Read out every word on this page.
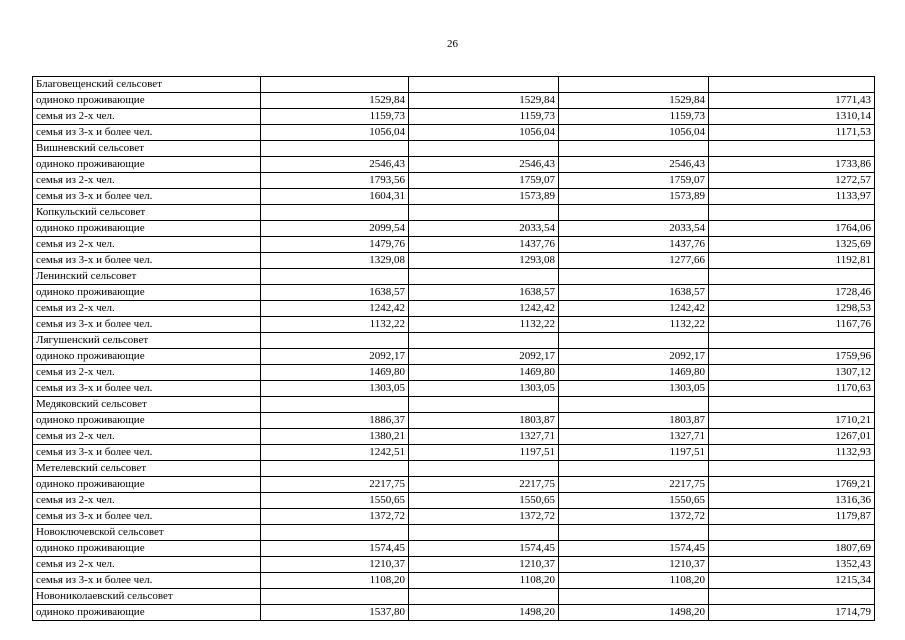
26
Благовещенский сельсовет				
одиноко проживающие	1529,84	1529,84	1529,84	1771,43
семья из 2-х чел.	1159,73	1159,73	1159,73	1310,14
семья из 3-х и более чел.	1056,04	1056,04	1056,04	1171,53
Вишневский сельсовет				
одиноко проживающие	2546,43	2546,43	2546,43	1733,86
семья из 2-х чел.	1793,56	1759,07	1759,07	1272,57
семья из 3-х и более чел.	1604,31	1573,89	1573,89	1133,97
Копкульский сельсовет				
одиноко проживающие	2099,54	2033,54	2033,54	1764,06
семья из 2-х чел.	1479,76	1437,76	1437,76	1325,69
семья из 3-х и более чел.	1329,08	1293,08	1277,66	1192,81
Ленинский сельсовет				
одиноко проживающие	1638,57	1638,57	1638,57	1728,46
семья из 2-х чел.	1242,42	1242,42	1242,42	1298,53
семья из 3-х и более чел.	1132,22	1132,22	1132,22	1167,76
Лягушенский сельсовет				
одиноко проживающие	2092,17	2092,17	2092,17	1759,96
семья из 2-х чел.	1469,80	1469,80	1469,80	1307,12
семья из 3-х и более чел.	1303,05	1303,05	1303,05	1170,63
Медяковский сельсовет				
одиноко проживающие	1886,37	1803,87	1803,87	1710,21
семья из 2-х чел.	1380,21	1327,71	1327,71	1267,01
семья из 3-х и более чел.	1242,51	1197,51	1197,51	1132,93
Метелевский сельсовет				
одиноко проживающие	2217,75	2217,75	2217,75	1769,21
семья из 2-х чел.	1550,65	1550,65	1550,65	1316,36
семья из 3-х и более чел.	1372,72	1372,72	1372,72	1179,87
Новоключевской сельсовет				
одиноко проживающие	1574,45	1574,45	1574,45	1807,69
семья из 2-х чел.	1210,37	1210,37	1210,37	1352,43
семья из 3-х и более чел.	1108,20	1108,20	1108,20	1215,34
Новониколаевский сельсовет				
одиноко проживающие	1537,80	1498,20	1498,20	1714,79
